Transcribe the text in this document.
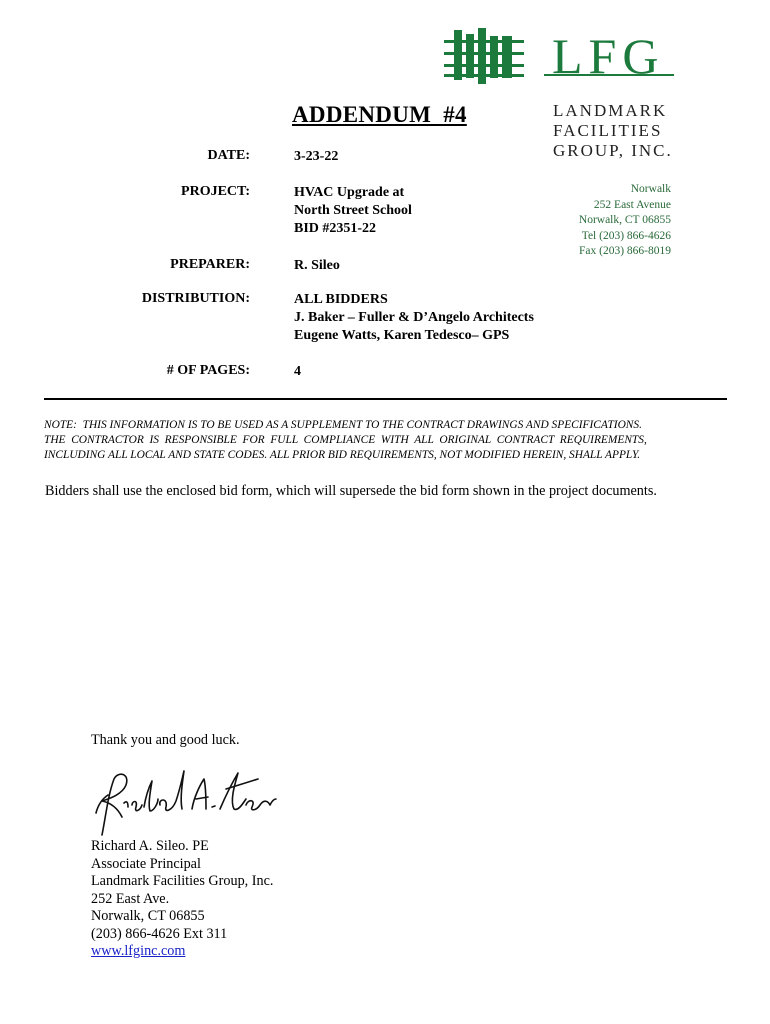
LFG
LANDMARK
FACILITIES
GROUP, INC.
Norwalk
252 East Avenue
Norwalk, CT 06855
Tel (203) 866-4626
Fax (203) 866-8019
ADDENDUM  #4
DATE:	3-23-22
PROJECT:	HVAC Upgrade at
North Street School
BID #2351-22
PREPARER:	R. Sileo
DISTRIBUTION:	ALL BIDDERS
J. Baker – Fuller & D’Angelo Architects
Eugene Watts, Karen Tedesco– GPS
# OF PAGES:	4
NOTE:  THIS INFORMATION IS TO BE USED AS A SUPPLEMENT TO THE CONTRACT DRAWINGS AND SPECIFICATIONS.
THE  CONTRACTOR  IS  RESPONSIBLE  FOR  FULL  COMPLIANCE  WITH  ALL  ORIGINAL  CONTRACT  REQUIREMENTS,
INCLUDING ALL LOCAL AND STATE CODES. ALL PRIOR BID REQUIREMENTS, NOT MODIFIED HEREIN, SHALL APPLY.
Bidders shall use the enclosed bid form, which will supersede the bid form shown in the project documents.
Thank you and good luck.
Richard A. Sileo. PE
Associate Principal
Landmark Facilities Group, Inc.
252 East Ave.
Norwalk, CT 06855
(203) 866-4626 Ext 311
www.lfginc.com
